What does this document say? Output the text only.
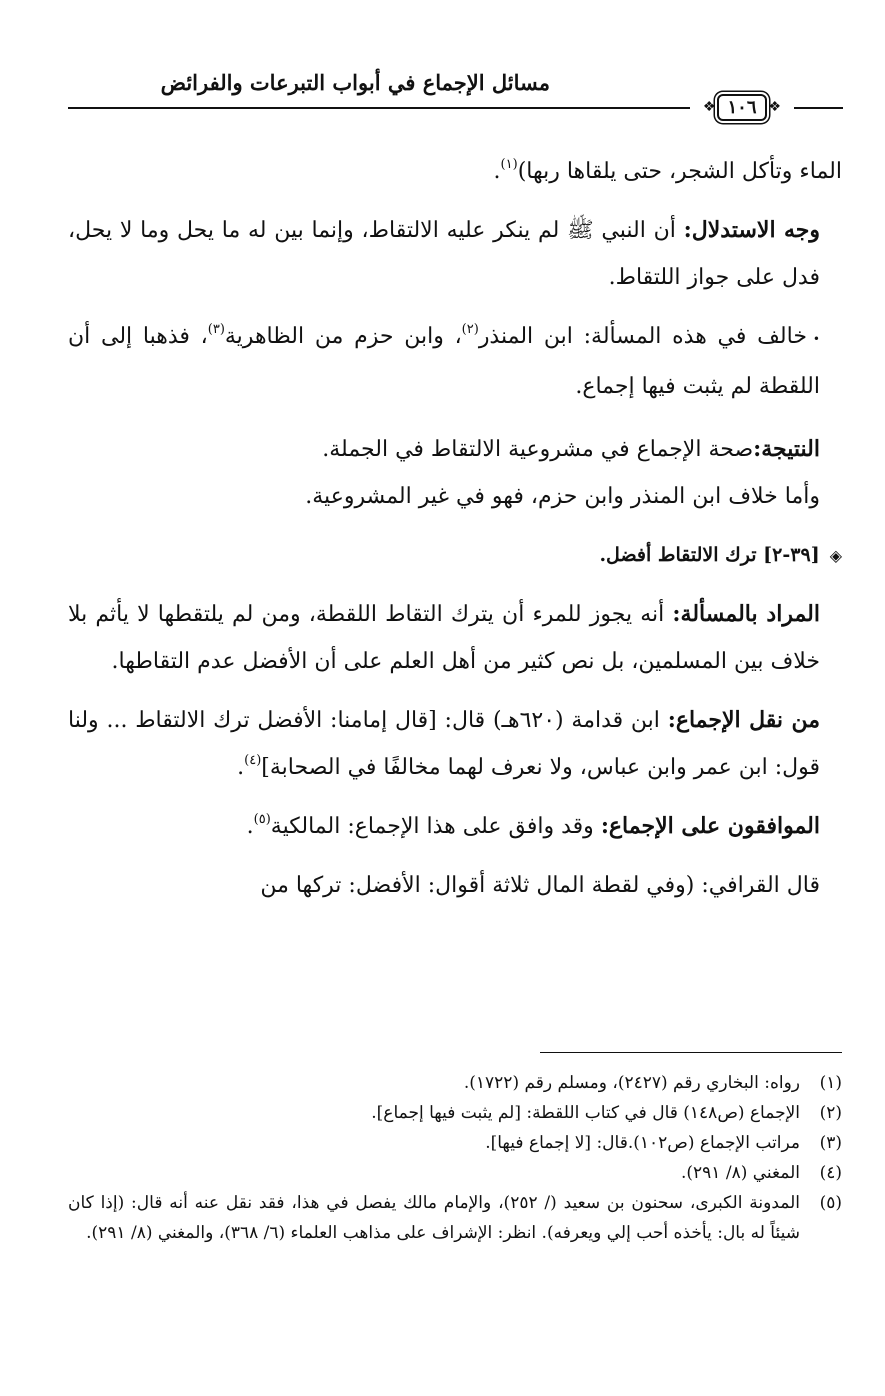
مسائل الإجماع في أبواب التبرعات والفرائض
❖ ١٠٦ ❖

الماء وتأكل الشجر، حتى يلقاها ربها)$^{(١)}$.

وجه الاستدلال: أن النبي ﷺ لم ينكر عليه الالتقاط، وإنما بين له ما يحل وما لا يحل، فدل على جواز اللتقاط.

•خالف في هذه المسألة: ابن المنذر$^{(٢)}$، وابن حزم من الظاهرية$^{(٣)}$، فذهبا إلى أن اللقطة لم يثبت فيها إجماع.

النتيجة:صحة الإجماع في مشروعية الالتقاط في الجملة.

وأما خلاف ابن المنذر وابن حزم، فهو في غير المشروعية.

◈[٣٩-٢] ترك الالتقاط أفضل.

المراد بالمسألة: أنه يجوز للمرء أن يترك التقاط اللقطة، ومن لم يلتقطها لا يأثم بلا خلاف بين المسلمين، بل نص كثير من أهل العلم على أن الأفضل عدم التقاطها.

من نقل الإجماع: ابن قدامة (٦٢٠هـ) قال: [قال إمامنا: الأفضل ترك الالتقاط ... ولنا قول: ابن عمر وابن عباس، ولا نعرف لهما مخالفًا في الصحابة]$^{(٤)}$.

الموافقون على الإجماع: وقد وافق على هذا الإجماع: المالكية$^{(٥)}$.

قال القرافي: (وفي لقطة المال ثلاثة أقوال: الأفضل: تركها من

(١)
رواه: البخاري رقم (٢٤٢٧)، ومسلم رقم (١٧٢٢).
(٢)
الإجماع (ص١٤٨) قال في كتاب اللقطة: [لم يثبت فيها إجماع].
(٣)
مراتب الإجماع (ص١٠٢).قال: [لا إجماع فيها].
(٤)
المغني (٨/ ٢٩١).
(٥)
المدونة الكبرى، سحنون بن سعيد (/ ٢٥٢)، والإمام مالك يفصل في هذا، فقد نقل عنه أنه قال: (إذا كان شيئاً له بال: يأخذه أحب إلي ويعرفه). انظر: الإشراف على مذاهب العلماء (٦/ ٣٦٨)، والمغني (٨/ ٢٩١).
